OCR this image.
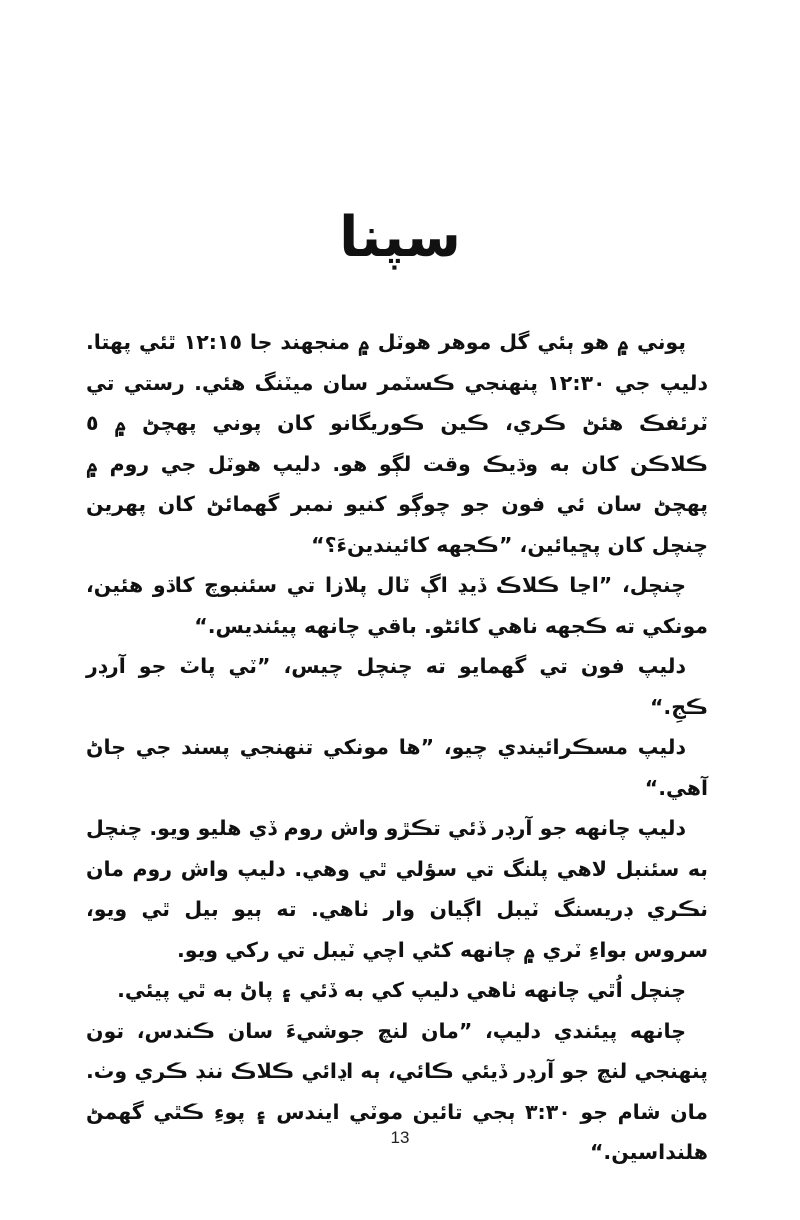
سپنا

پوني ۾ هو ٻئي گل موهر هوٽل ۾ منجهند جا ١٢:١٥ ٿئي پهتا. دليپ جي ١٢:٣٠ پنهنجي ڪسٽمر سان ميٽنگ هئي. رستي تي ٽرئفڪ هئڻ ڪري، ڪين ڪوريگانو کان پوني پهچڻ ۾ ٥ ڪلاڪن کان به وڌيڪ وقت لڳو هو. دليپ هوٽل جي روم ۾ پهچڻ سان ئي فون جو چوڳو کنيو نمبر گهمائڻ کان پهرين چنچل کان پڇيائين، ”ڪجهه کائيندينءَ؟“

چنچل، ”اڃا ڪلاڪ ڏيڍ اڳ ٽال پلازا تي سئنبوچ کاڌو هئين، مونکي ته ڪجهه ناهي کائڻو. باقي چانهه پيئنديس.“

دليپ فون تي گهمايو ته چنچل چيس، ”ٽي پاٽ جو آرڊر ڪجِ.“

دليپ مسڪرائيندي چيو، ”ها مونکي تنهنجي پسند جي ڄاڻ آهي.“

دليپ چانهه جو آرڊر ڏئي تڪڙو واش روم ڏي هليو ويو. چنچل به سئنبل لاهي پلنگ تي سؤلي ٿي وهي. دليپ واش روم مان نڪري ڊريسنگ ٽيبل اڳيان وار ٺاهي. ته ٻيو بيل ٿي ويو، سروس بواءِ ٽري ۾ چانهه کڻي اچي ٽيبل تي رکي ويو.

چنچل اُٿي چانهه ٺاهي دليپ کي به ڏئي ۽ پاڻ به ٿي پيئي.

چانهه پيئندي دليپ، ”مان لنچ جوشيءَ سان ڪندس، تون پنهنجي لنچ جو آرڊر ڏيئي ڪائي، ٻه اڍائي ڪلاڪ ننڊ ڪري وٺ. مان شام جو ٣:٣٠ ٻجي تائين موٽي ايندس ۽ پوءِ ڪٿي گهمڻ هلنداسين.“

13
